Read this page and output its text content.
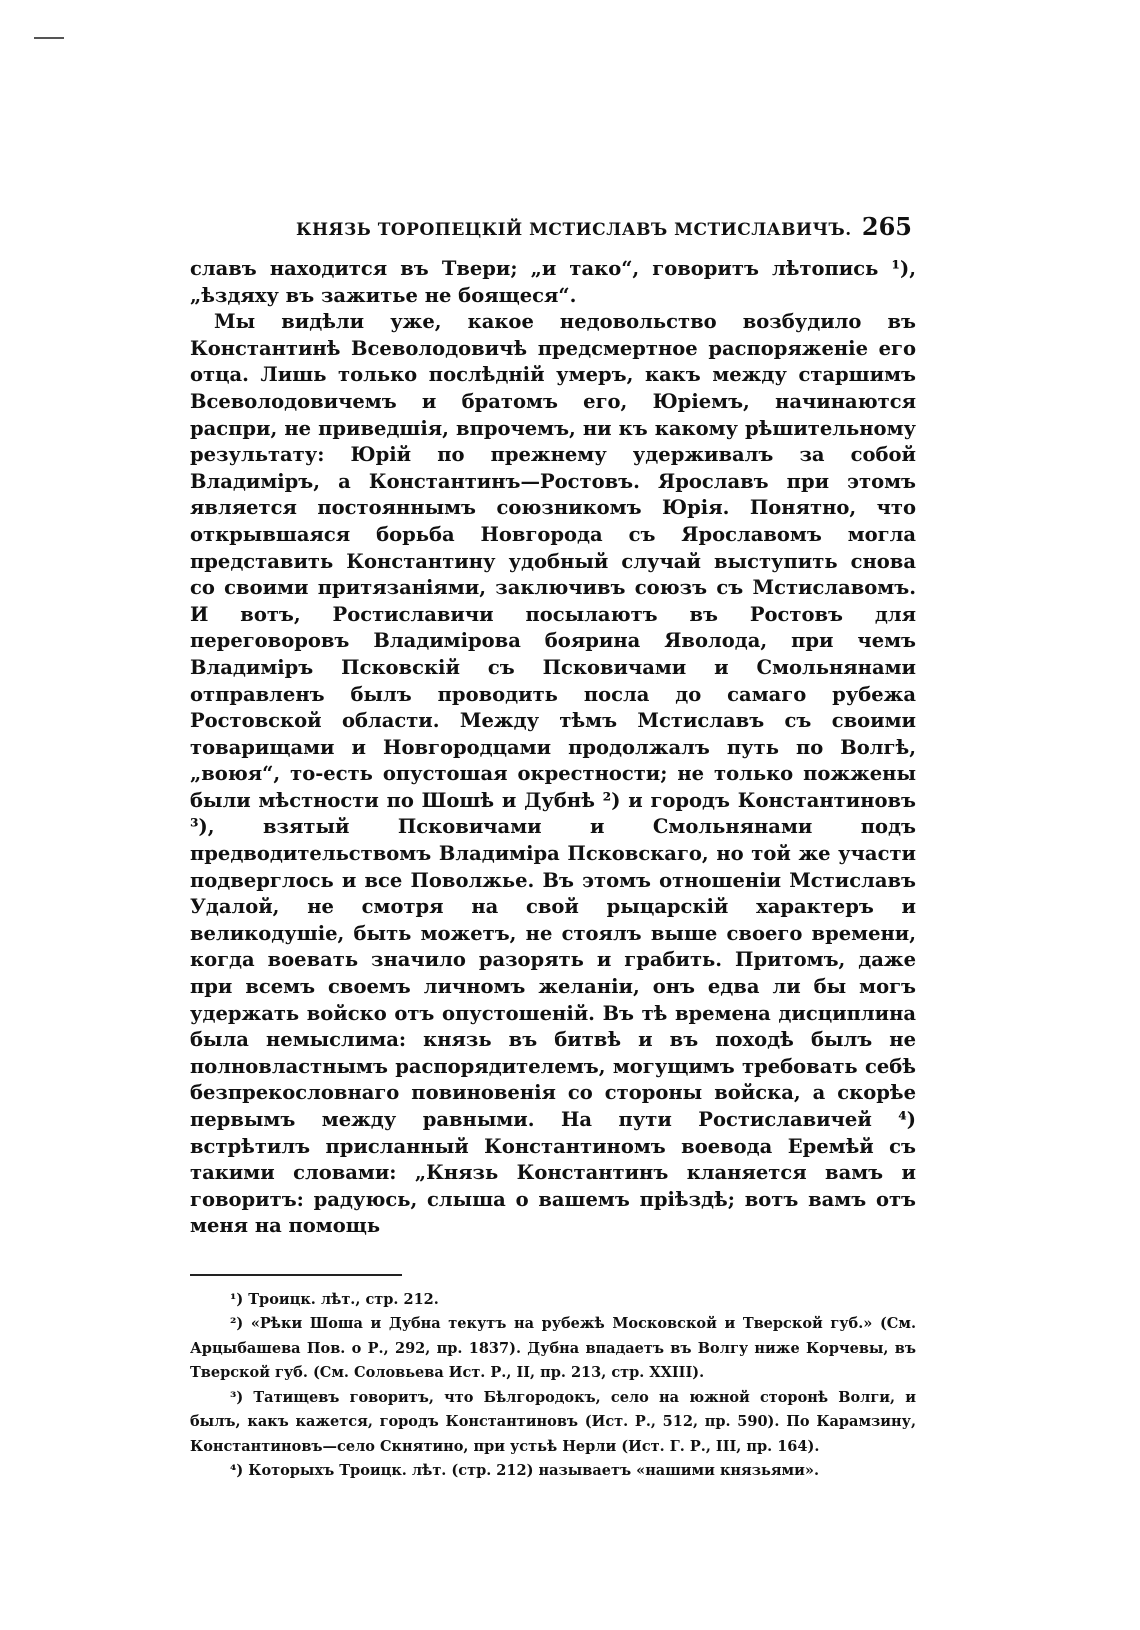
КНЯЗЬ ТОРОПЕЦКІЙ МСТИСЛАВЪ МСТИСЛАВИЧЪ. 265

славъ находится въ Твери; „и тако“, говоритъ лѣтопись ¹), „ѣздяху въ зажитье не боящеся“.

Мы видѣли уже, какое недовольство возбудило въ Константинѣ Всеволодовичѣ предсмертное распоряженіе его отца. Лишь только послѣдній умеръ, какъ между старшимъ Всеволодовичемъ и братомъ его, Юріемъ, начинаются распри, не приведшія, впрочемъ, ни къ какому рѣшительному результату: Юрій по прежнему удерживалъ за собой Владиміръ, а Константинъ—Ростовъ. Ярославъ при этомъ является постояннымъ союзникомъ Юрія. Понятно, что открывшаяся борьба Новгорода съ Ярославомъ могла представить Константину удобный случай выступить снова со своими притязаніями, заключивъ союзъ съ Мстиславомъ. И вотъ, Ростиславичи посылаютъ въ Ростовъ для переговоровъ Владимірова боярина Яволода, при чемъ Владиміръ Псковскій съ Псковичами и Смольнянами отправленъ былъ проводить посла до самаго рубежа Ростовской области. Между тѣмъ Мстиславъ съ своими товарищами и Новгородцами продолжалъ путь по Волгѣ, „воюя“, то-есть опустошая окрестности; не только пожжены были мѣстности по Шошѣ и Дубнѣ ²) и городъ Константиновъ ³), взятый Псковичами и Смольнянами подъ предводительствомъ Владиміра Псковскаго, но той же участи подверглось и все Поволжье. Въ этомъ отношеніи Мстиславъ Удалой, не смотря на свой рыцарскій характеръ и великодушіе, быть можетъ, не стоялъ выше своего времени, когда воевать значило разорять и грабить. Притомъ, даже при всемъ своемъ личномъ желаніи, онъ едва ли бы могъ удержать войско отъ опустошеній. Въ тѣ времена дисциплина была немыслима: князь въ битвѣ и въ походѣ былъ не полновластнымъ распорядителемъ, могущимъ требовать себѣ безпрекословнаго повиновенія со стороны войска, а скорѣе первымъ между равными. На пути Ростиславичей ⁴) встрѣтилъ присланный Константиномъ воевода Еремѣй съ такими словами: „Князь Константинъ кланяется вамъ и говоритъ: радуюсь, слыша о вашемъ пріѣздѣ; вотъ вамъ отъ меня на помощь

¹) Троицк. лѣт., стр. 212.

²) «Рѣки Шоша и Дубна текутъ на рубежѣ Московской и Тверской губ.» (См. Арцыбашева Пов. о Р., 292, пр. 1837). Дубна впадаетъ въ Волгу ниже Корчевы, въ Тверской губ. (См. Соловьева Ист. Р., II, пр. 213, стр. XXIII).

³) Татищевъ говоритъ, что Бѣлгородокъ, село на южной сторонѣ Волги, и былъ, какъ кажется, городъ Константиновъ (Ист. Р., 512, пр. 590). По Карамзину, Константиновъ—село Скнятино, при устьѣ Нерли (Ист. Г. Р., III, пр. 164).

⁴) Которыхъ Троицк. лѣт. (стр. 212) называетъ «нашими князьями».
